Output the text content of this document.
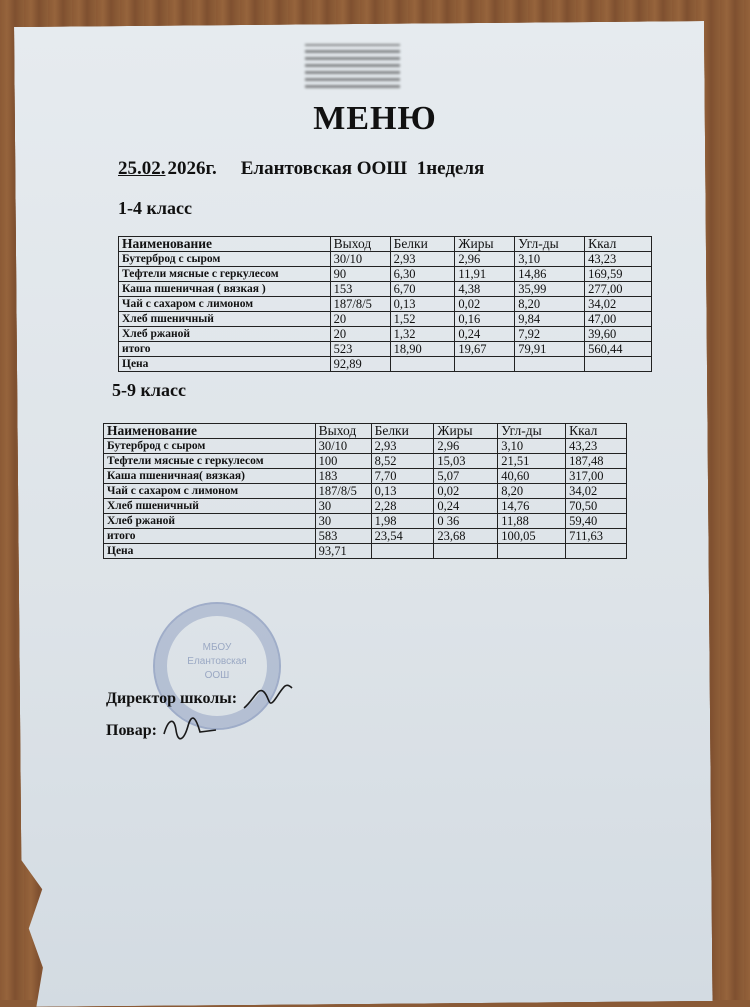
МЕНЮ
25.02. 2026г. Елантовская ООШ 1неделя
1-4 класс
Наименование	Выход	Белки	Жиры	Угл-ды	Ккал
Бутерброд с сыром	30/10	2,93	2,96	3,10	43,23
Тефтели мясные с геркулесом	90	6,30	11,91	14,86	169,59
Каша пшеничная ( вязкая )	153	6,70	4,38	35,99	277,00
Чай с сахаром с лимоном	187/8/5	0,13	0,02	8,20	34,02
Хлеб пшеничный	20	1,52	0,16	9,84	47,00
Хлеб ржаной	20	1,32	0,24	7,92	39,60
итого	523	18,90	19,67	79,91	560,44
Цена	92,89				
5-9 класс
Наименование	Выход	Белки	Жиры	Угл-ды	Ккал
Бутерброд с сыром	30/10	2,93	2,96	3,10	43,23
Тефтели мясные с геркулесом	100	8,52	15,03	21,51	187,48
Каша пшеничная( вязкая)	183	7,70	5,07	40,60	317,00
Чай с сахаром с лимоном	187/8/5	0,13	0,02	8,20	34,02
Хлеб пшеничный	30	2,28	0,24	14,76	70,50
Хлеб ржаной	30	1,98	0 36	11,88	59,40
итого	583	23,54	23,68	100,05	711,63
Цена	93,71				
МБОУ
Елантовская
ООШ
Директор школы:
Повар:
